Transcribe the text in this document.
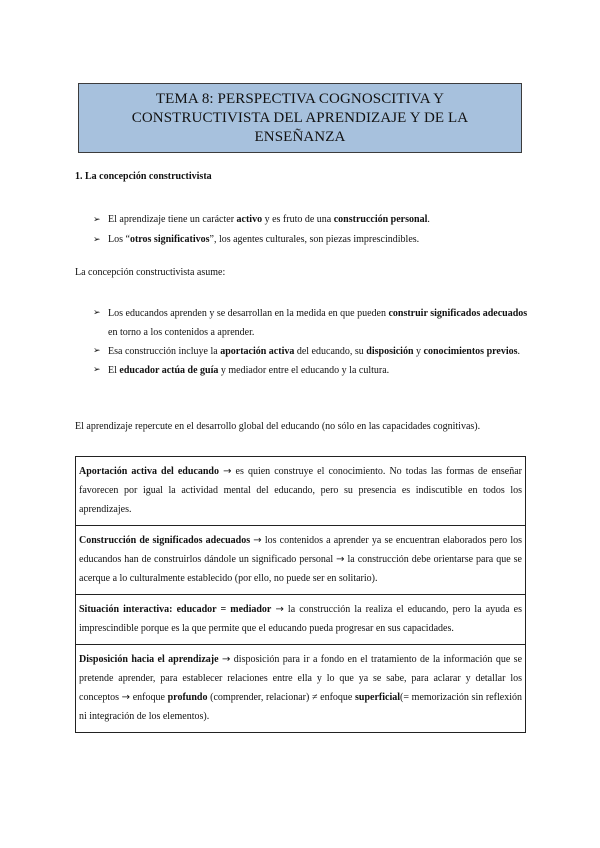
TEMA 8: PERSPECTIVA COGNOSCITIVA Y
CONSTRUCTIVISTA DEL APRENDIZAJE Y DE LA
ENSEÑANZA
1. La concepción constructivista
➢ El aprendizaje tiene un carácter activo y es fruto de una construcción personal.
➢ Los “otros significativos”, los agentes culturales, son piezas imprescindibles.
La concepción constructivista asume:
➢ Los educandos aprenden y se desarrollan en la medida en que pueden construir significados adecuados en torno a los contenidos a aprender.
➢ Esa construcción incluye la aportación activa del educando, su disposición y conocimientos previos.
➢ El educador actúa de guía y mediador entre el educando y la cultura.
El aprendizaje repercute en el desarrollo global del educando (no sólo en las capacidades cognitivas).
Aportación activa del educando → es quien construye el conocimiento. No todas las formas de enseñar favorecen por igual la actividad mental del educando, pero su presencia es indiscutible en todos los aprendizajes.
Construcción de significados adecuados → los contenidos a aprender ya se encuentran elaborados pero los educandos han de construirlos dándole un significado personal → la construcción debe orientarse para que se acerque a lo culturalmente establecido (por ello, no puede ser en solitario).
Situación interactiva: educador = mediador → la construcción la realiza el educando, pero la ayuda es imprescindible porque es la que permite que el educando pueda progresar en sus capacidades.
Disposición hacia el aprendizaje → disposición para ir a fondo en el tratamiento de la información que se pretende aprender, para establecer relaciones entre ella y lo que ya se sabe, para aclarar y detallar los conceptos → enfoque profundo (comprender, relacionar) ≠ enfoque superficial(= memorización sin reflexión ni integración de los elementos).
